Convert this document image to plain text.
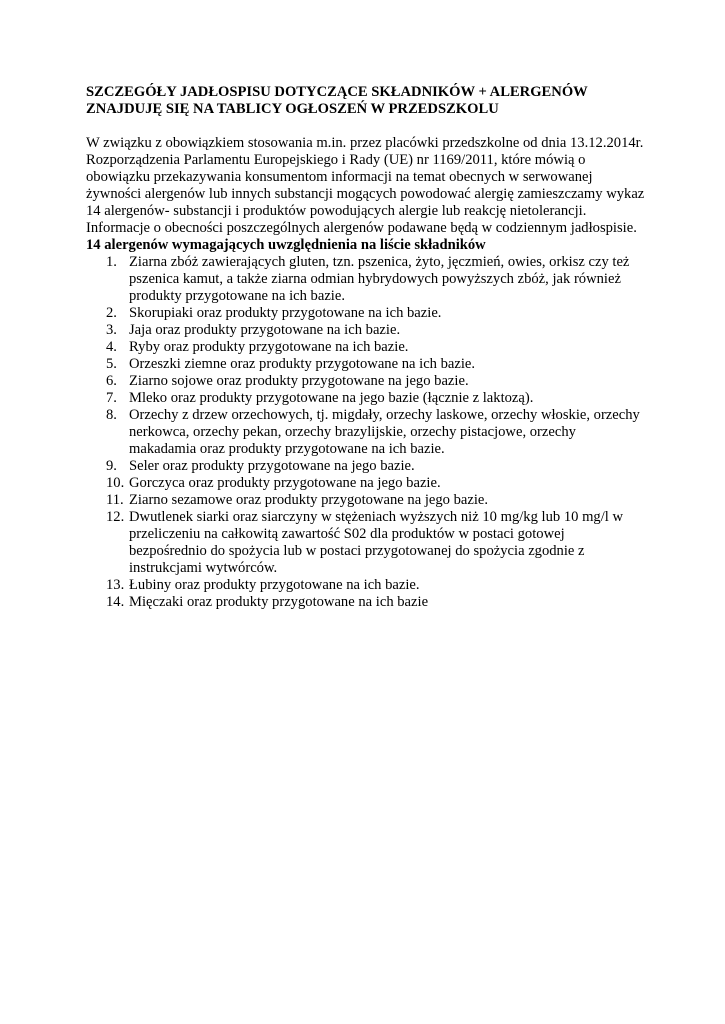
SZCZEGÓŁY JADŁOSPISU DOTYCZĄCE SKŁADNIKÓW + ALERGENÓW
ZNAJDUJĘ SIĘ NA TABLICY OGŁOSZEŃ W PRZEDSZKOLU

W związku z obowiązkiem stosowania m.in. przez placówki przedszkolne od dnia 13.12.2014r. Rozporządzenia Parlamentu Europejskiego i Rady (UE) nr 1169/2011, które mówią o obowiązku przekazywania konsumentom informacji na temat obecnych w serwowanej żywności alergenów lub innych substancji mogących powodować alergię zamieszczamy wykaz 14 alergenów- substancji i produktów powodujących alergie lub reakcję nietolerancji. Informacje o obecności poszczególnych alergenów podawane będą w codziennym jadłospisie.

14 alergenów wymagających uwzględnienia na liście składników

1. Ziarna zbóż zawierających gluten, tzn. pszenica, żyto, jęczmień, owies, orkisz czy też pszenica kamut, a także ziarna odmian hybrydowych powyższych zbóż, jak również produkty przygotowane na ich bazie.
2. Skorupiaki oraz produkty przygotowane na ich bazie.
3. Jaja oraz produkty przygotowane na ich bazie.
4. Ryby oraz produkty przygotowane na ich bazie.
5. Orzeszki ziemne oraz produkty przygotowane na ich bazie.
6. Ziarno sojowe oraz produkty przygotowane na jego bazie.
7. Mleko oraz produkty przygotowane na jego bazie (łącznie z laktozą).
8. Orzechy z drzew orzechowych, tj. migdały, orzechy laskowe, orzechy włoskie, orzechy nerkowca, orzechy pekan, orzechy brazylijskie, orzechy pistacjowe, orzechy makadamia oraz produkty przygotowane na ich bazie.
9. Seler oraz produkty przygotowane na jego bazie.
10. Gorczyca oraz produkty przygotowane na jego bazie.
11. Ziarno sezamowe oraz produkty przygotowane na jego bazie.
12. Dwutlenek siarki oraz siarczyny w stężeniach wyższych niż 10 mg/kg lub 10 mg/l w przeliczeniu na całkowitą zawartość S02 dla produktów w postaci gotowej bezpośrednio do spożycia lub w postaci przygotowanej do spożycia zgodnie z instrukcjami wytwórców.
13. Łubiny oraz produkty przygotowane na ich bazie.
14. Mięczaki oraz produkty przygotowane na ich bazie
